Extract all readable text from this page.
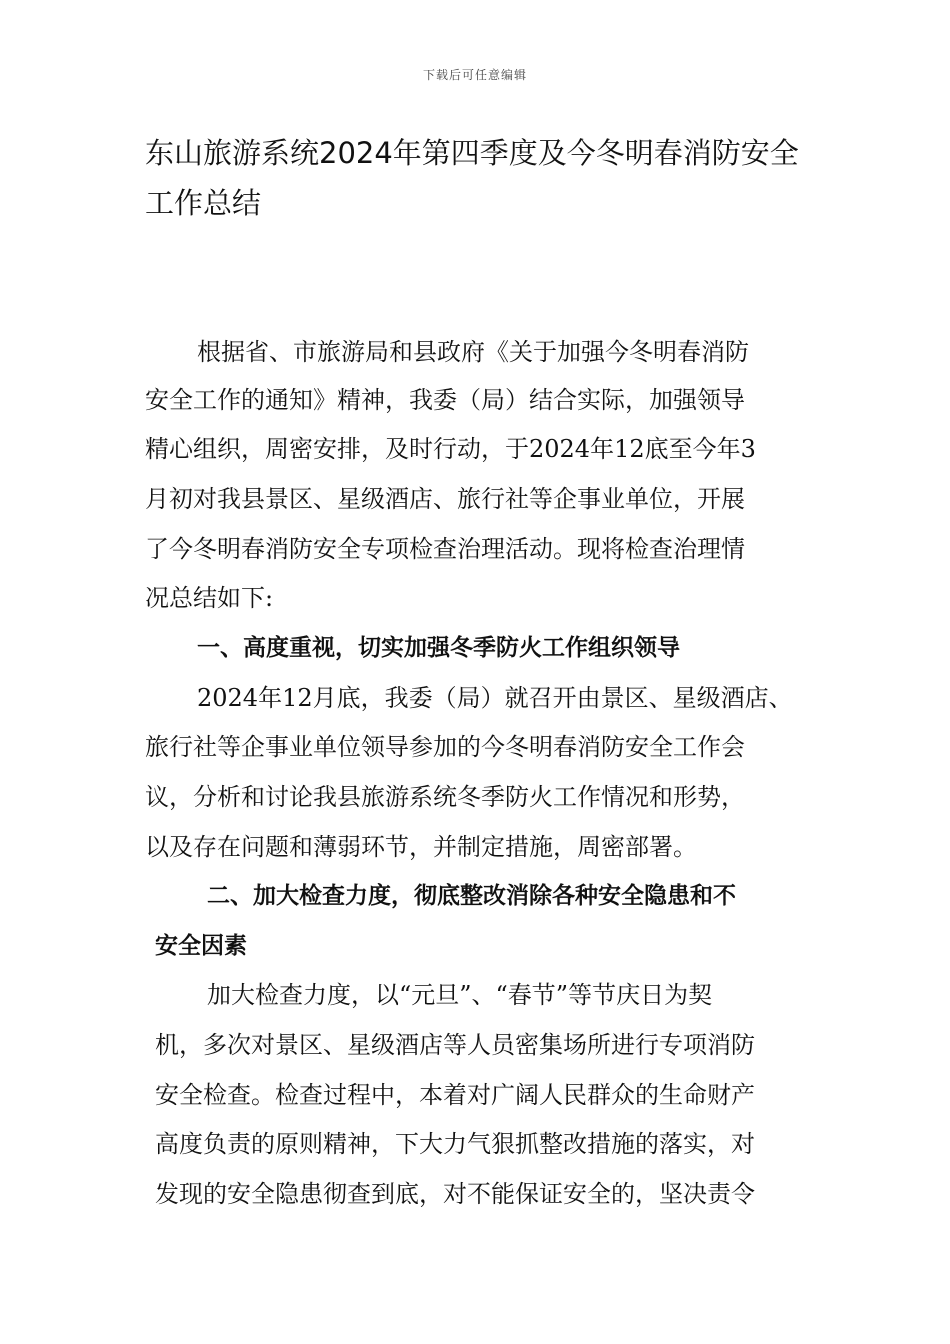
下载后可任意编辑
东山旅游系统2024年第四季度及今冬明春消防安全工作总结
根据省、市旅游局和县政府《关于加强今冬明春消防
安全工作的通知》精神，我委（局）结合实际，加强领导
精心组织，周密安排，及时行动，于2024年12底至今年3
月初对我县景区、星级酒店、旅行社等企事业单位，开展
了今冬明春消防安全专项检查治理活动。现将检查治理情
况总结如下:
一、高度重视，切实加强冬季防火工作组织领导
2024年12月底，我委（局）就召开由景区、星级酒店、
旅行社等企事业单位领导参加的今冬明春消防安全工作会
议，分析和讨论我县旅游系统冬季防火工作情况和形势，
以及存在问题和薄弱环节，并制定措施，周密部署。
二、加大检查力度，彻底整改消除各种安全隐患和不
安全因素
加大检查力度，以“元旦”、“春节”等节庆日为契
机，多次对景区、星级酒店等人员密集场所进行专项消防
安全检查。检查过程中，本着对广阔人民群众的生命财产
高度负责的原则精神，下大力气狠抓整改措施的落实，对
发现的安全隐患彻查到底，对不能保证安全的，坚决责令
